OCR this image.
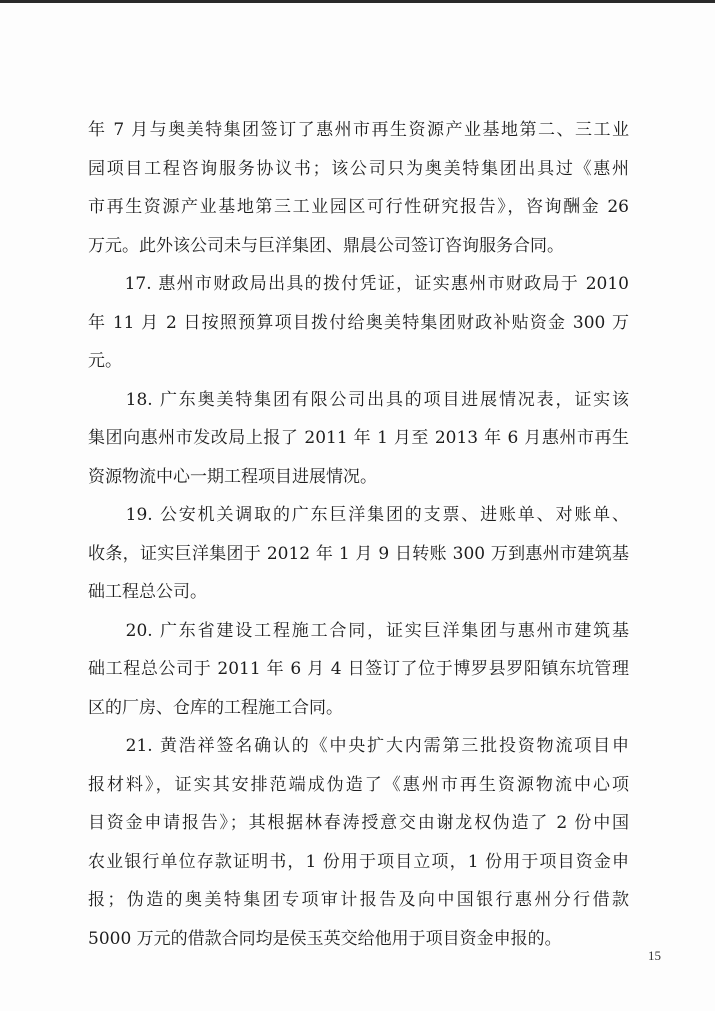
年 7 月与奥美特集团签订了惠州市再生资源产业基地第二、三工业
园项目工程咨询服务协议书；该公司只为奥美特集团出具过《惠州
市再生资源产业基地第三工业园区可行性研究报告》，咨询酬金 26
万元。此外该公司未与巨洋集团、鼎晨公司签订咨询服务合同。
　　17. 惠州市财政局出具的拨付凭证，证实惠州市财政局于 2010
年 11 月 2 日按照预算项目拨付给奥美特集团财政补贴资金 300 万
元。
　　18. 广东奥美特集团有限公司出具的项目进展情况表，证实该
集团向惠州市发改局上报了 2011 年 1 月至 2013 年 6 月惠州市再生
资源物流中心一期工程项目进展情况。
　　19. 公安机关调取的广东巨洋集团的支票、进账单、对账单、
收条，证实巨洋集团于 2012 年 1 月 9 日转账 300 万到惠州市建筑基
础工程总公司。
　　20. 广东省建设工程施工合同，证实巨洋集团与惠州市建筑基
础工程总公司于 2011 年 6 月 4 日签订了位于博罗县罗阳镇东坑管理
区的厂房、仓库的工程施工合同。
　　21. 黄浩祥签名确认的《中央扩大内需第三批投资物流项目申
报材料》，证实其安排范端成伪造了《惠州市再生资源物流中心项
目资金申请报告》；其根据林春涛授意交由谢龙权伪造了 2 份中国
农业银行单位存款证明书，1 份用于项目立项，1 份用于项目资金申
报；伪造的奥美特集团专项审计报告及向中国银行惠州分行借款
5000 万元的借款合同均是侯玉英交给他用于项目资金申报的。
15
